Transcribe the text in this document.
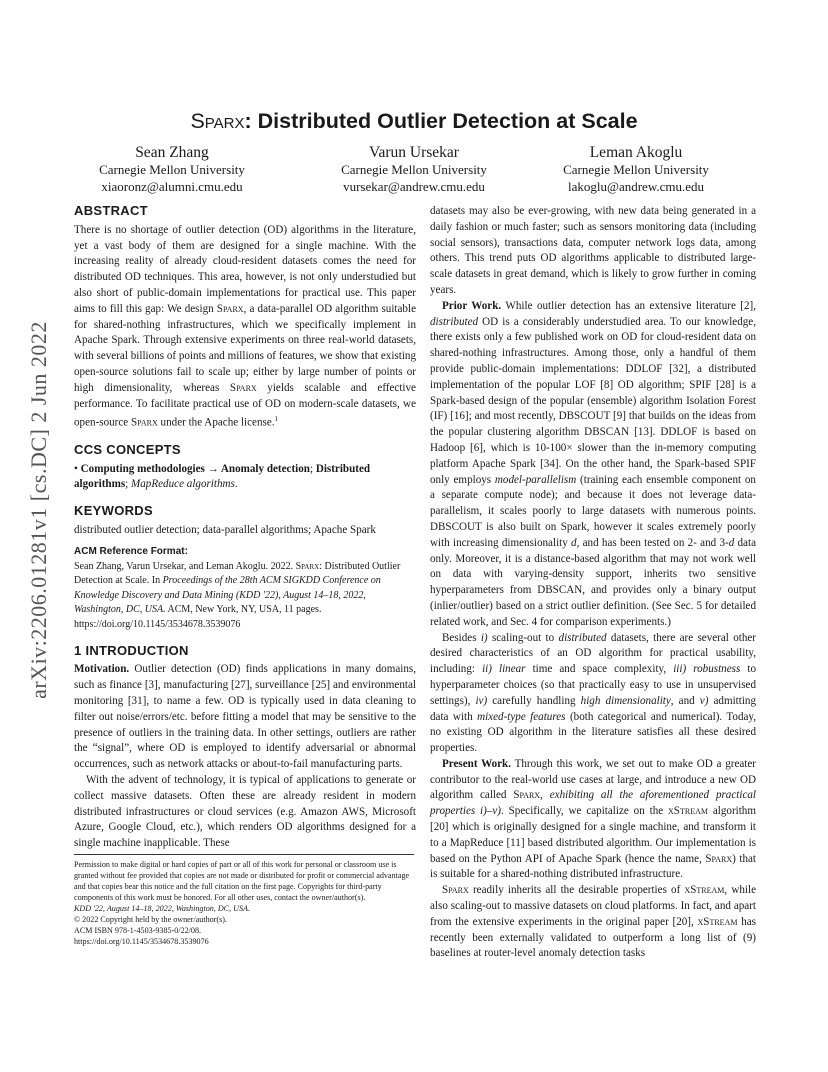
arXiv:2206.01281v1 [cs.DC] 2 Jun 2022
Sparx: Distributed Outlier Detection at Scale
Sean Zhang
Carnegie Mellon University
xiaoronz@alumni.cmu.edu
Varun Ursekar
Carnegie Mellon University
vursekar@andrew.cmu.edu
Leman Akoglu
Carnegie Mellon University
lakoglu@andrew.cmu.edu
ABSTRACT

There is no shortage of outlier detection (OD) algorithms in the literature, yet a vast body of them are designed for a single machine. With the increasing reality of already cloud-resident datasets comes the need for distributed OD techniques. This area, however, is not only understudied but also short of public-domain implementations for practical use. This paper aims to fill this gap: We design Sparx, a data-parallel OD algorithm suitable for shared-nothing infrastructures, which we specifically implement in Apache Spark. Through extensive experiments on three real-world datasets, with several billions of points and millions of features, we show that existing open-source solutions fail to scale up; either by large number of points or high dimensionality, whereas Sparx yields scalable and effective performance. To facilitate practical use of OD on modern-scale datasets, we open-source Sparx under the Apache license.$^1$

CCS CONCEPTS

• Computing methodologies → Anomaly detection; Distributed algorithms; MapReduce algorithms.

KEYWORDS

distributed outlier detection; data-parallel algorithms; Apache Spark

ACM Reference Format:

Sean Zhang, Varun Ursekar, and Leman Akoglu. 2022. Sparx: Distributed Outlier Detection at Scale. In Proceedings of the 28th ACM SIGKDD Conference on Knowledge Discovery and Data Mining (KDD '22), August 14–18, 2022, Washington, DC, USA. ACM, New York, NY, USA, 11 pages. https://doi.org/10.1145/3534678.3539076

1 INTRODUCTION

Motivation. Outlier detection (OD) finds applications in many domains, such as finance [3], manufacturing [27], surveillance [25] and environmental monitoring [31], to name a few. OD is typically used in data cleaning to filter out noise/errors/etc. before fitting a model that may be sensitive to the presence of outliers in the training data. In other settings, outliers are rather the “signal”, where OD is employed to identify adversarial or abnormal occurrences, such as network attacks or about-to-fail manufacturing parts.

With the advent of technology, it is typical of applications to generate or collect massive datasets. Often these are already resident in modern distributed infrastructures or cloud services (e.g. Amazon AWS, Microsoft Azure, Google Cloud, etc.), which renders OD algorithms designed for a single machine inapplicable. These

Permission to make digital or hard copies of part or all of this work for personal or classroom use is granted without fee provided that copies are not made or distributed for profit or commercial advantage and that copies bear this notice and the full citation on the first page. Copyrights for third-party components of this work must be honored. For all other uses, contact the owner/author(s).
KDD '22, August 14–18, 2022, Washington, DC, USA.
© 2022 Copyright held by the owner/author(s).
ACM ISBN 978-1-4503-9385-0/22/08.
https://doi.org/10.1145/3534678.3539076

datasets may also be ever-growing, with new data being generated in a daily fashion or much faster; such as sensors monitoring data (including social sensors), transactions data, computer network logs data, among others. This trend puts OD algorithms applicable to distributed large-scale datasets in great demand, which is likely to grow further in coming years.

Prior Work. While outlier detection has an extensive literature [2], distributed OD is a considerably understudied area. To our knowledge, there exists only a few published work on OD for cloud-resident data on shared-nothing infrastructures. Among those, only a handful of them provide public-domain implementations: DDLOF [32], a distributed implementation of the popular LOF [8] OD algorithm; SPIF [28] is a Spark-based design of the popular (ensemble) algorithm Isolation Forest (IF) [16]; and most recently, DBSCOUT [9] that builds on the ideas from the popular clustering algorithm DBSCAN [13]. DDLOF is based on Hadoop [6], which is 10-100× slower than the in-memory computing platform Apache Spark [34]. On the other hand, the Spark-based SPIF only employs model-parallelism (training each ensemble component on a separate compute node); and because it does not leverage data-parallelism, it scales poorly to large datasets with numerous points. DBSCOUT is also built on Spark, however it scales extremely poorly with increasing dimensionality d, and has been tested on 2- and 3-d data only. Moreover, it is a distance-based algorithm that may not work well on data with varying-density support, inherits two sensitive hyperparameters from DBSCAN, and provides only a binary output (inlier/outlier) based on a strict outlier definition. (See Sec. 5 for detailed related work, and Sec. 4 for comparison experiments.)

Besides i) scaling-out to distributed datasets, there are several other desired characteristics of an OD algorithm for practical usability, including: ii) linear time and space complexity, iii) robustness to hyperparameter choices (so that practically easy to use in unsupervised settings), iv) carefully handling high dimensionality, and v) admitting data with mixed-type features (both categorical and numerical). Today, no existing OD algorithm in the literature satisfies all these desired properties.

Present Work. Through this work, we set out to make OD a greater contributor to the real-world use cases at large, and introduce a new OD algorithm called Sparx, exhibiting all the aforementioned practical properties i)–v). Specifically, we capitalize on the xStream algorithm [20] which is originally designed for a single machine, and transform it to a MapReduce [11] based distributed algorithm. Our implementation is based on the Python API of Apache Spark (hence the name, Sparx) that is suitable for a shared-nothing distributed infrastructure.

Sparx readily inherits all the desirable properties of xStream, while also scaling-out to massive datasets on cloud platforms. In fact, and apart from the extensive experiments in the original paper [20], xStream has recently been externally validated to outperform a long list of (9) baselines at router-level anomaly detection tasks
